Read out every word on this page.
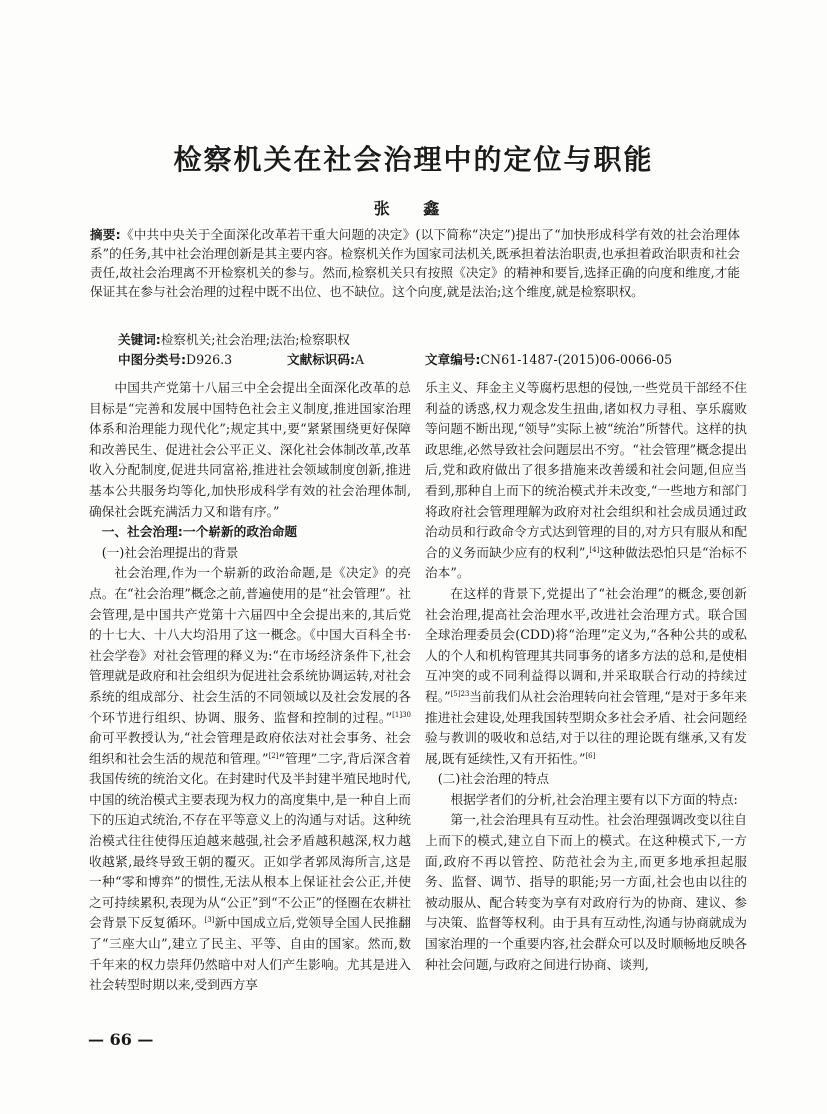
检察机关在社会治理中的定位与职能
张 鑫
摘要:《中共中央关于全面深化改革若干重大问题的决定》(以下简称“决定”)提出了“加快形成科学有效的社会治理体系”的任务,其中社会治理创新是其主要内容。检察机关作为国家司法机关,既承担着法治职责,也承担着政治职责和社会责任,故社会治理离不开检察机关的参与。然而,检察机关只有按照《决定》的精神和要旨,选择正确的向度和维度,才能保证其在参与社会治理的过程中既不出位、也不缺位。这个向度,就是法治;这个维度,就是检察职权。
关键词:检察机关;社会治理;法治;检察职权
中图分类号:D926.3	文献标识码:A	文章编号:CN61-1487-(2015)06-0066-05

中国共产党第十八届三中全会提出全面深化改革的总目标是“完善和发展中国特色社会主义制度,推进国家治理体系和治理能力现代化”;规定其中,要“紧紧围绕更好保障和改善民生、促进社会公平正义、深化社会体制改革,改革收入分配制度,促进共同富裕,推进社会领域制度创新,推进基本公共服务均等化,加快形成科学有效的社会治理体制,确保社会既充满活力又和谐有序。”

一、社会治理:一个崭新的政治命题
(一)社会治理提出的背景

社会治理,作为一个崭新的政治命题,是《决定》的亮点。在“社会治理”概念之前,普遍使用的是“社会管理”。社会管理,是中国共产党第十六届四中全会提出来的,其后党的十七大、十八大均沿用了这一概念。《中国大百科全书·社会学卷》对社会管理的释义为:“在市场经济条件下,社会管理就是政府和社会组织为促进社会系统协调运转,对社会系统的组成部分、社会生活的不同领域以及社会发展的各个环节进行组织、协调、服务、监督和控制的过程。”$^{[1]30}$俞可平教授认为,“社会管理是政府依法对社会事务、社会组织和社会生活的规范和管理。”[2]“管理”二字,背后深含着我国传统的统治文化。在封建时代及半封建半殖民地时代,中国的统治模式主要表现为权力的高度集中,是一种自上而下的压迫式统治,不存在平等意义上的沟通与对话。这种统治模式往往使得压迫越来越强,社会矛盾越积越深,权力越收越紧,最终导致王朝的覆灭。正如学者郭凤海所言,这是一种“零和博弈”的惯性,无法从根本上保证社会公正,并使之可持续累积,表现为从“公正”到“不公正”的怪圈在农耕社会背景下反复循环。[3]新中国成立后,党领导全国人民推翻了“三座大山”,建立了民主、平等、自由的国家。然而,数千年来的权力崇拜仍然暗中对人们产生影响。尤其是进入社会转型时期以来,受到西方享

乐主义、拜金主义等腐朽思想的侵蚀,一些党员干部经不住利益的诱惑,权力观念发生扭曲,诸如权力寻租、享乐腐败等问题不断出现,“领导”实际上被“统治”所替代。这样的执政思维,必然导致社会问题层出不穷。“社会管理”概念提出后,党和政府做出了很多措施来改善缓和社会问题,但应当看到,那种自上而下的统治模式并未改变,“一些地方和部门将政府社会管理理解为政府对社会组织和社会成员通过政治动员和行政命令方式达到管理的目的,对方只有服从和配合的义务而缺少应有的权利”,[4]这种做法恐怕只是“治标不治本”。

在这样的背景下,党提出了“社会治理”的概念,要创新社会治理,提高社会治理水平,改进社会治理方式。联合国全球治理委员会(CDD)将“治理”定义为,“各种公共的或私人的个人和机构管理其共同事务的诸多方法的总和,是使相互冲突的或不同利益得以调和,并采取联合行动的持续过程。”$^{[5]23}$当前我们从社会治理转向社会管理,“是对于多年来推进社会建设,处理我国转型期众多社会矛盾、社会问题经验与教训的吸收和总结,对于以往的理论既有继承,又有发展,既有延续性,又有开拓性。”[6]

(二)社会治理的特点

根据学者们的分析,社会治理主要有以下方面的特点:

第一,社会治理具有互动性。社会治理强调改变以往自上而下的模式,建立自下而上的模式。在这种模式下,一方面,政府不再以管控、防范社会为主,而更多地承担起服务、监督、调节、指导的职能;另一方面,社会也由以往的被动服从、配合转变为享有对政府行为的协商、建议、参与决策、监督等权利。由于具有互动性,沟通与协商就成为国家治理的一个重要内容,社会群众可以及时顺畅地反映各种社会问题,与政府之间进行协商、谈判,

— 66 —
